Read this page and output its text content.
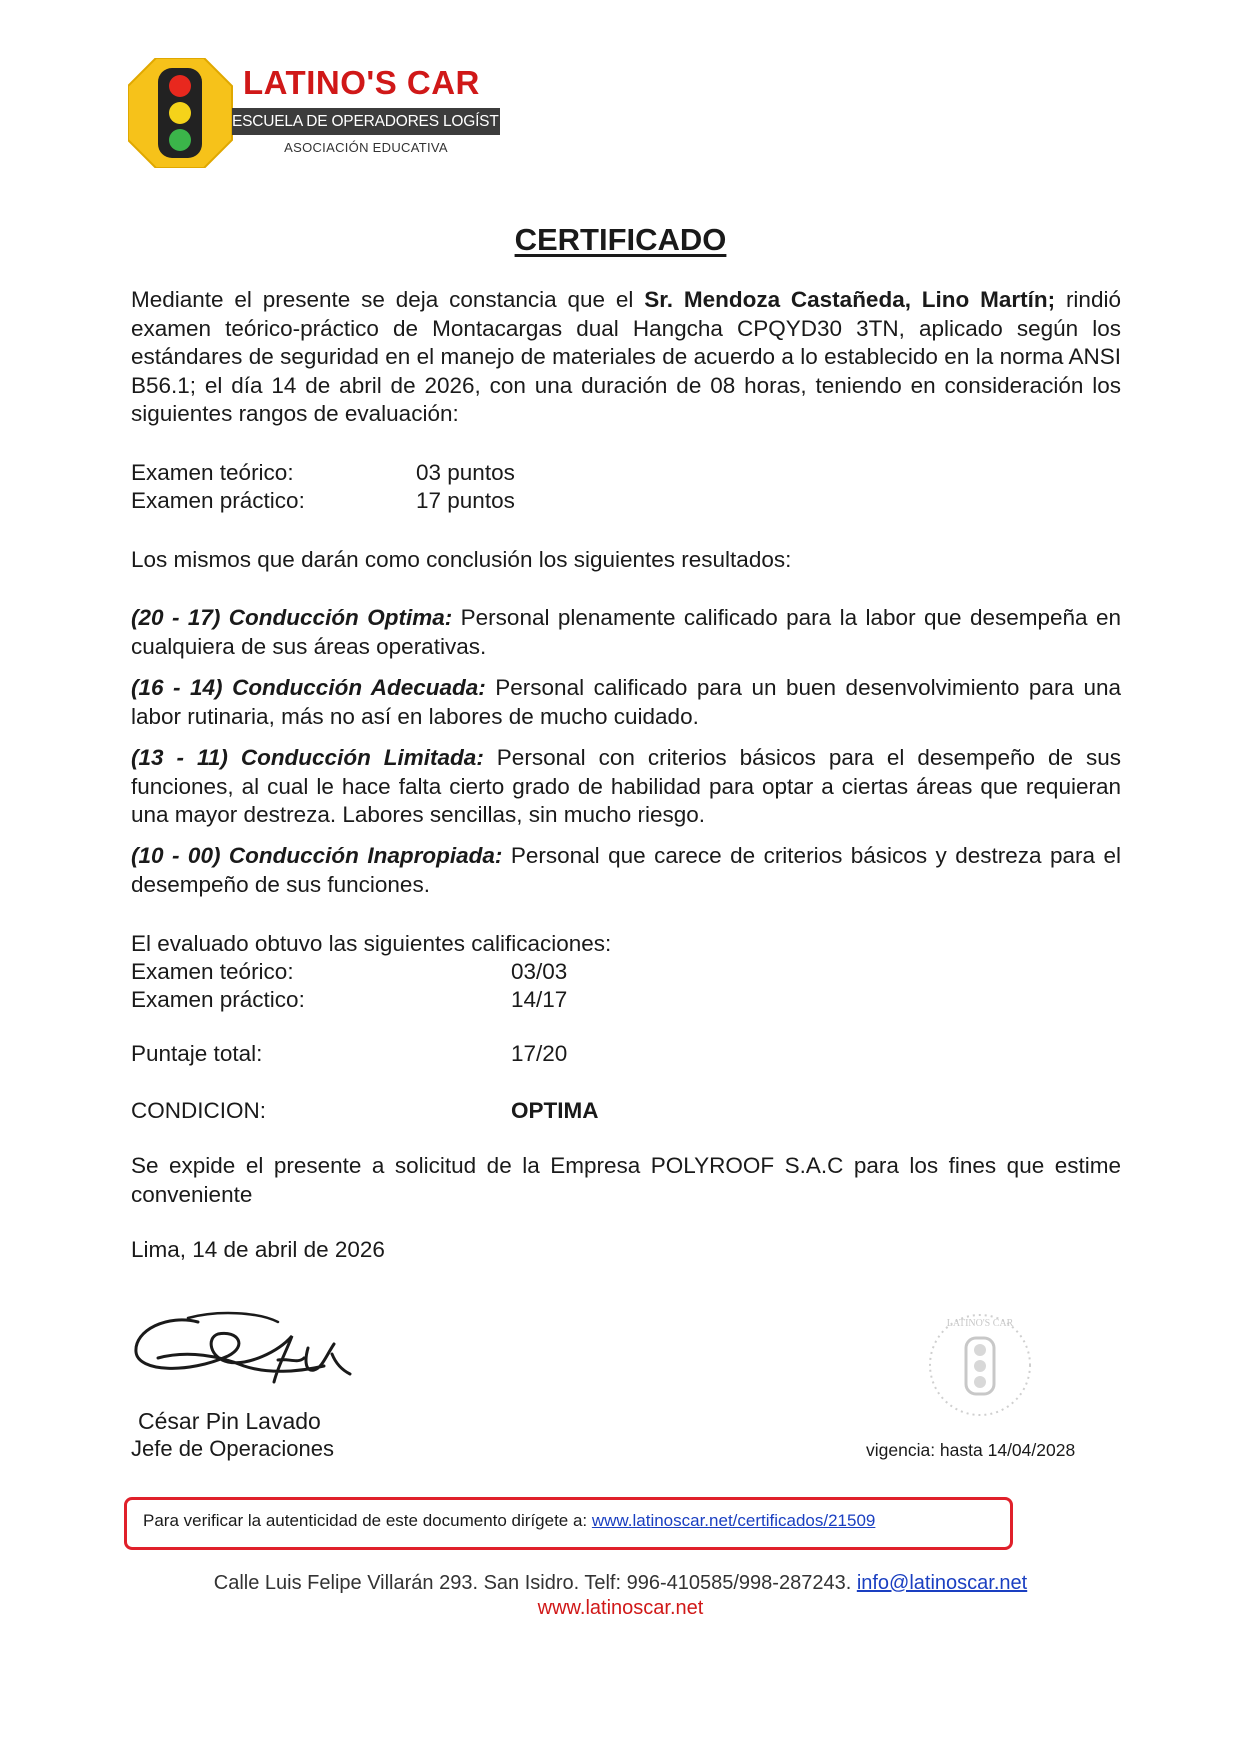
LATINO'S CAR
ESCUELA DE OPERADORES LOGÍSTICOS
ASOCIACIÓN EDUCATIVA
CERTIFICADO
Mediante el presente se deja constancia que el Sr. Mendoza Castañeda, Lino Martín; rindió examen teórico-práctico de Montacargas dual Hangcha CPQYD30 3TN, aplicado según los estándares de seguridad en el manejo de materiales de acuerdo a lo establecido en la norma ANSI B56.1; el día 14 de abril de 2026, con una duración de 08 horas, teniendo en consideración los siguientes rangos de evaluación:
Examen teórico:	03 puntos
Examen práctico:	17 puntos
Los mismos que darán como conclusión los siguientes resultados:
(20 - 17) Conducción Optima: Personal plenamente calificado para la labor que desempeña en cualquiera de sus áreas operativas.
(16 - 14) Conducción Adecuada: Personal calificado para un buen desenvolvimiento para una labor rutinaria, más no así en labores de mucho cuidado.
(13 - 11) Conducción Limitada: Personal con criterios básicos para el desempeño de sus funciones, al cual le hace falta cierto grado de habilidad para optar a ciertas áreas que requieran una mayor destreza. Labores sencillas, sin mucho riesgo.
(10 - 00) Conducción Inapropiada: Personal que carece de criterios básicos y destreza para el desempeño de sus funciones.
El evaluado obtuvo las siguientes calificaciones:
Examen teórico:	03/03
Examen práctico:	14/17
Puntaje total:	17/20
CONDICION:	OPTIMA
Se expide el presente a solicitud de la Empresa POLYROOF S.A.C para los fines que estime conveniente
Lima, 14 de abril de 2026
LATINO'S CAR
César Pin Lavado
Jefe de Operaciones	vigencia: hasta 14/04/2028
Para verificar la autenticidad de este documento dirígete a: www.latinoscar.net/certificados/21509
Calle Luis Felipe Villarán 293. San Isidro. Telf: 996-410585/998-287243. info@latinoscar.net
www.latinoscar.net
